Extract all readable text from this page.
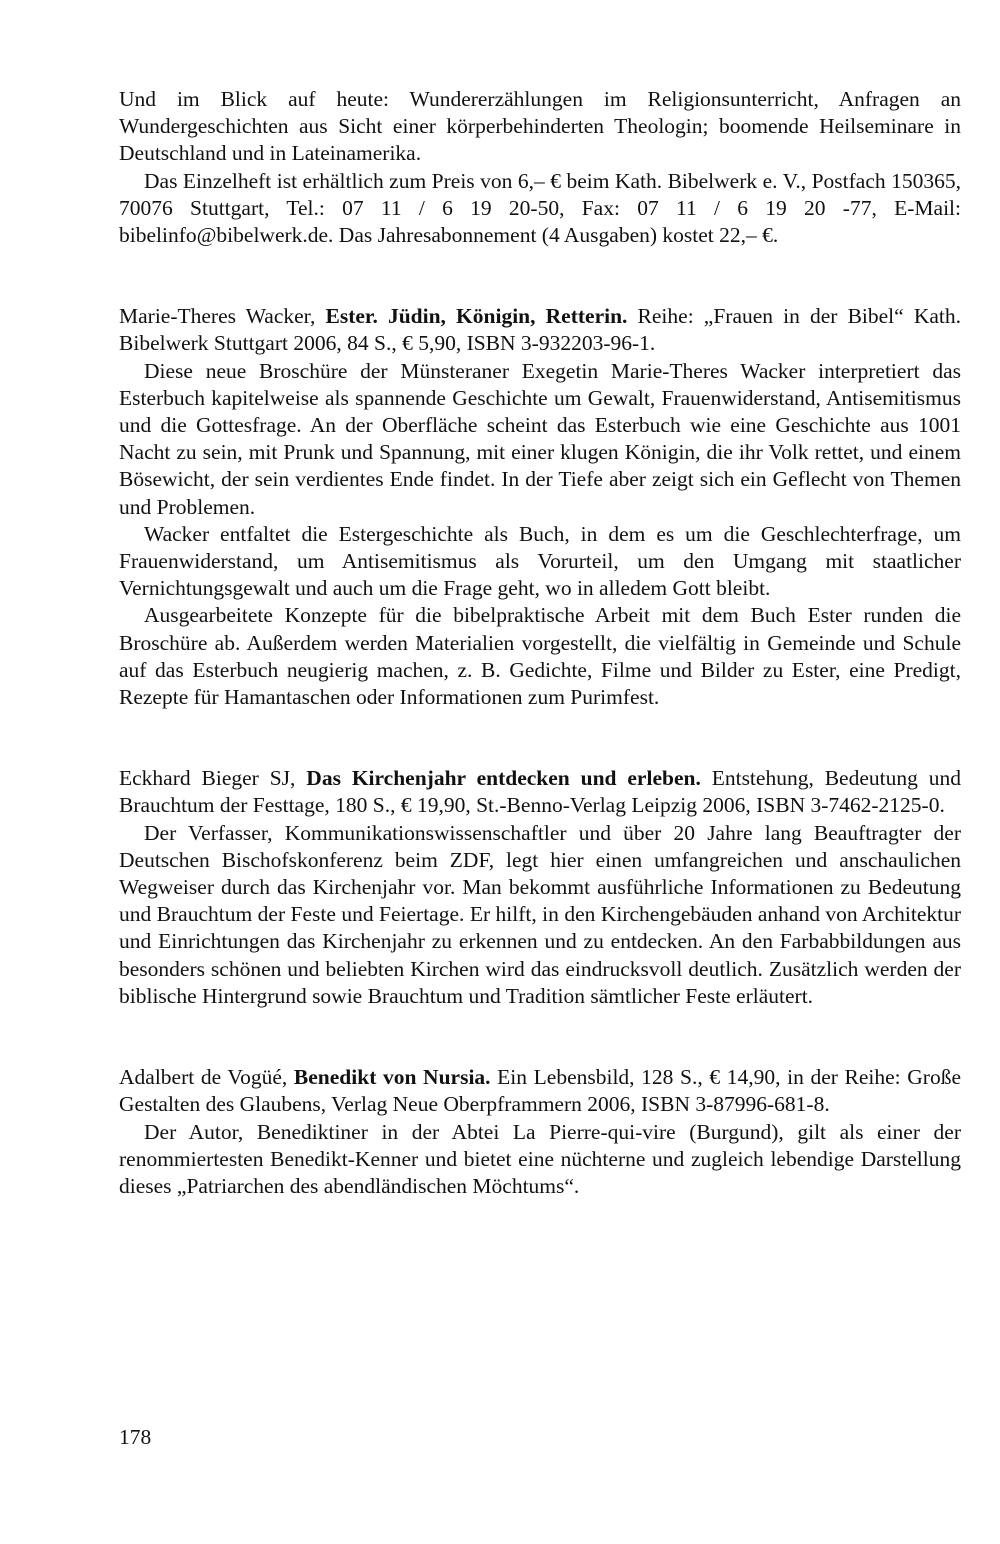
Und im Blick auf heute: Wundererzählungen im Religionsunterricht, Anfragen an Wundergeschichten aus Sicht einer körperbehinderten Theologin; boomende Heilseminare in Deutschland und in Lateinamerika.

Das Einzelheft ist erhältlich zum Preis von 6,– € beim Kath. Bibelwerk e. V., Postfach 150365, 70076 Stuttgart, Tel.: 07 11 / 6 19 20-50, Fax: 07 11 / 6 19 20 -77, E-Mail: bibelinfo@bibelwerk.de. Das Jahresabonnement (4 Ausgaben) kostet 22,– €.

Marie-Theres Wacker, Ester. Jüdin, Königin, Retterin. Reihe: „Frauen in der Bibel“ Kath. Bibelwerk Stuttgart 2006, 84 S., € 5,90, ISBN 3-932203-96-1.

Diese neue Broschüre der Münsteraner Exegetin Marie-Theres Wacker interpretiert das Esterbuch kapitelweise als spannende Geschichte um Gewalt, Frauenwiderstand, Antisemitismus und die Gottesfrage. An der Oberfläche scheint das Esterbuch wie eine Geschichte aus 1001 Nacht zu sein, mit Prunk und Spannung, mit einer klugen Königin, die ihr Volk rettet, und einem Bösewicht, der sein verdientes Ende findet. In der Tiefe aber zeigt sich ein Geflecht von Themen und Problemen.

Wacker entfaltet die Estergeschichte als Buch, in dem es um die Geschlechterfrage, um Frauenwiderstand, um Antisemitismus als Vorurteil, um den Umgang mit staatlicher Vernichtungsgewalt und auch um die Frage geht, wo in alledem Gott bleibt.

Ausgearbeitete Konzepte für die bibelpraktische Arbeit mit dem Buch Ester runden die Broschüre ab. Außerdem werden Materialien vorgestellt, die vielfältig in Gemeinde und Schule auf das Esterbuch neugierig machen, z. B. Gedichte, Filme und Bilder zu Ester, eine Predigt, Rezepte für Hamantaschen oder Informationen zum Purimfest.

Eckhard Bieger SJ, Das Kirchenjahr entdecken und erleben. Entstehung, Bedeutung und Brauchtum der Festtage, 180 S., € 19,90, St.-Benno-Verlag Leipzig 2006, ISBN 3-7462-2125-0.

Der Verfasser, Kommunikationswissenschaftler und über 20 Jahre lang Beauftragter der Deutschen Bischofskonferenz beim ZDF, legt hier einen umfangreichen und anschaulichen Wegweiser durch das Kirchenjahr vor. Man bekommt ausführliche Informationen zu Bedeutung und Brauchtum der Feste und Feiertage. Er hilft, in den Kirchengebäuden anhand von Architektur und Einrichtungen das Kirchenjahr zu erkennen und zu entdecken. An den Farbabbildungen aus besonders schönen und beliebten Kirchen wird das eindrucksvoll deutlich. Zusätzlich werden der biblische Hintergrund sowie Brauchtum und Tradition sämtlicher Feste erläutert.

Adalbert de Vogüé, Benedikt von Nursia. Ein Lebensbild, 128 S., € 14,90, in der Reihe: Große Gestalten des Glaubens, Verlag Neue Oberpframmern 2006, ISBN 3-87996-681-8.

Der Autor, Benediktiner in der Abtei La Pierre-qui-vire (Burgund), gilt als einer der renommiertesten Benedikt-Kenner und bietet eine nüchterne und zugleich lebendige Darstellung dieses „Patriarchen des abendländischen Möchtums“.

178
